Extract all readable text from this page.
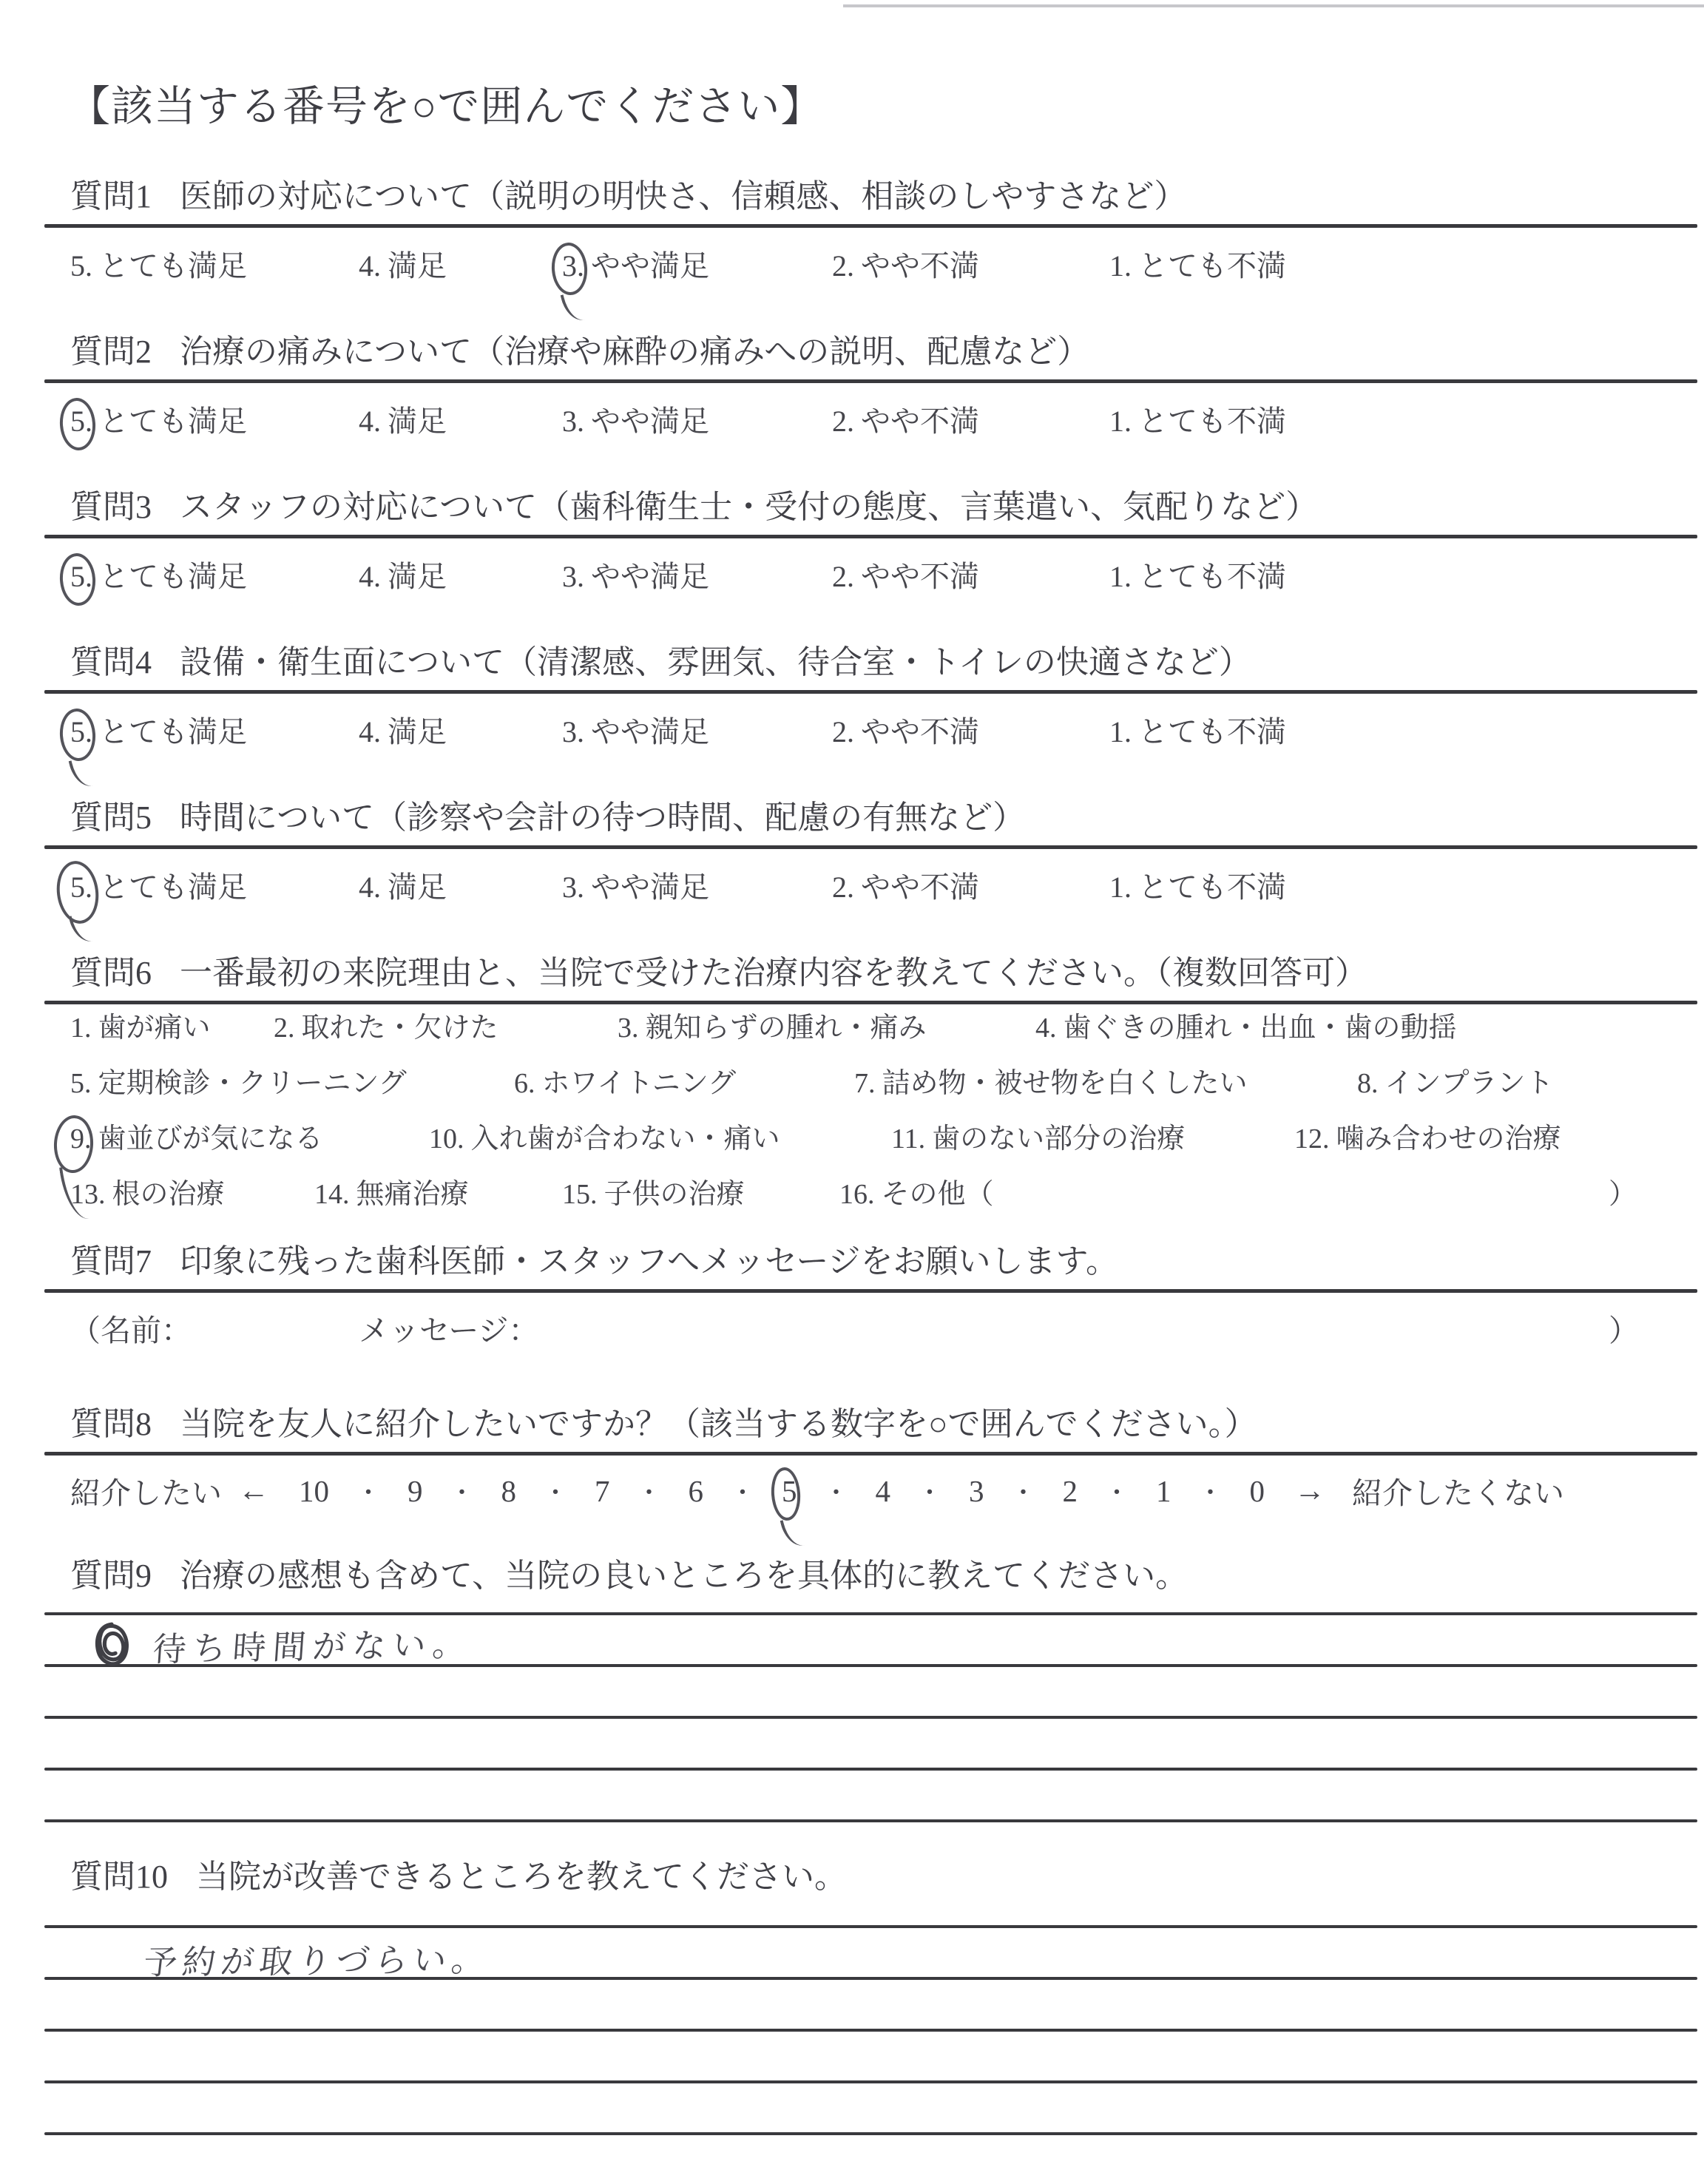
【該当する番号を○で囲んでください】
質問1 医師の対応について（説明の明快さ、信頼感、相談のしやすさなど）
5. とても満足	4. 満足	3. やや満足	2. やや不満	1. とても不満
質問2 治療の痛みについて（治療や麻酔の痛みへの説明、配慮など）
5. とても満足	4. 満足	3. やや満足	2. やや不満	1. とても不満
質問3 スタッフの対応について（歯科衛生士・受付の態度、言葉遣い、気配りなど）
5. とても満足	4. 満足	3. やや満足	2. やや不満	1. とても不満
質問4 設備・衛生面について（清潔感、雰囲気、待合室・トイレの快適さなど）
5. とても満足	4. 満足	3. やや満足	2. やや不満	1. とても不満
質問5 時間について（診察や会計の待つ時間、配慮の有無など）
5. とても満足	4. 満足	3. やや満足	2. やや不満	1. とても不満
質問6 一番最初の来院理由と、当院で受けた治療内容を教えてください。（複数回答可）
1. 歯が痛い 2. 取れた・欠けた	3. 親知らずの腫れ・痛み	4. 歯ぐきの腫れ・出血・歯の動揺
5. 定期検診・クリーニング	6. ホワイトニング	7. 詰め物・被せ物を白くしたい	8. インプラント
9. 歯並びが気になる	10. 入れ歯が合わない・痛い	11. 歯のない部分の治療	12. 噛み合わせの治療
13. 根の治療	14. 無痛治療	15. 子供の治療	16. その他（	）
質問7 印象に残った歯科医師・スタッフへメッセージをお願いします。
（名前：	メッセージ：	）
質問8 当院を友人に紹介したいですか？（該当する数字を○で囲んでください。）
紹介したい ← 10 ・ 9 ・ 8 ・ 7 ・ 6 ・ 5 ・ 4 ・ 3 ・ 2 ・ 1 ・ 0 → 紹介したくない
質問9 治療の感想も含めて、当院の良いところを具体的に教えてください。
待ち時間がない。
質問10 当院が改善できるところを教えてください。
予約が取りづらい。
